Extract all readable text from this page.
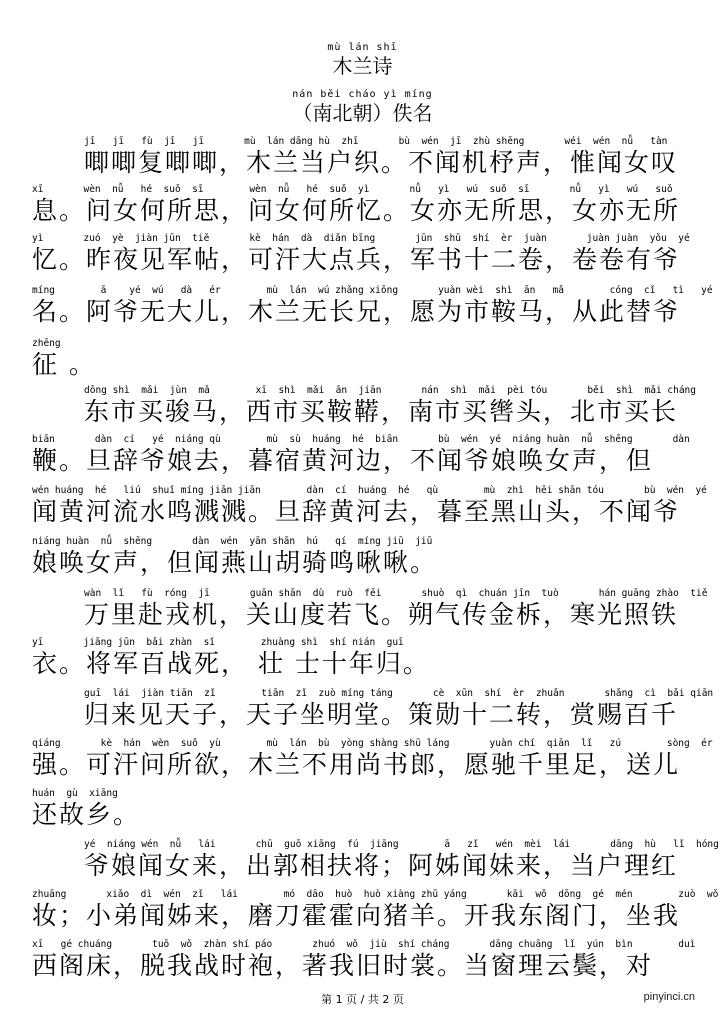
mù lán shī
木兰诗
nán běi cháo yì míng
（南北朝）佚名
jī   jī   fù  jī   jī       mù  lán dāng hù  zhī       bù  wén  jī  zhù shēng       wéi  wén  nǚ   tàn
唧唧复唧唧，木兰当户织。不闻机杼声，惟闻女叹
xī       wèn  nǚ   hé  suǒ  sī        wèn  nǚ   hé  suǒ  yì       nǚ   yì   wú  suǒ  sī       nǚ   yì   wú   suǒ
息。问女何所思，问女何所忆。女亦无所思，女亦无所
yì       zuó  yè  jiàn jūn  tiě       kè  hán  dà  diǎn bīng       jūn  shū  shí  èr  juàn       juàn juàn  yǒu  yé
忆。昨夜见军帖，可汗大点兵，军书十二卷，卷卷有爷
míng        ā    yé  wú   dà   ér        mù  lán  wú zhǎng xiōng       yuàn wèi  shì  ān   mǎ        cóng  cǐ   tì   yé
名。阿爷无大儿，木兰无长兄，愿为市鞍马，从此替爷
zhēng
征 。
dōng shì  mǎi  jùn  mǎ        xī  shì  mǎi  ān  jiān       nán  shì  mǎi  pèi tóu       běi  shì  mǎi cháng
东市买骏马，西市买鞍鞯，南市买辔头，北市买长
biān       dàn  cí   yé  niáng qù        mù  sù  huáng  hé  biān       bù  wén  yé  niáng huàn  nǚ  shēng       dàn
鞭。旦辞爷娘去，暮宿黄河边，不闻爷娘唤女声，但
wén huáng  hé   liú  shuǐ míng jiān jiān        dàn  cí  huáng  hé   qù        mù  zhì  hēi shān tóu       bù  wén  yé
闻黄河流水鸣溅溅。旦辞黄河去，暮至黑山头，不闻爷
niáng huàn  nǚ  shēng       dàn  wén  yān shān  hú   qí  míng jiū  jiū
娘唤女声，但闻燕山胡骑鸣啾啾。
wàn  lǐ   fù  róng  jī       guān shān  dù  ruò  fēi       shuò  qì  chuán jīn  tuò       hán guāng zhào  tiě
万里赴戎机，关山度若飞。朔气传金柝，寒光照铁
yī       jiāng jūn  bǎi zhàn  sǐ        zhuàng shì  shí nián  guī
衣。将军百战死， 壮 士十年归。
guī  lái  jiàn tiān  zǐ        tiān  zǐ  zuò míng táng       cè  xūn  shí  èr  zhuǎn       shǎng  cì  bǎi qiān
归来见天子，天子坐明堂。策勋十二转，赏赐百千
qiáng       kè  hán  wèn  suǒ  yù        mù  lán  bù  yòng shàng shū láng       yuàn chí  qiān  lǐ   zú        sòng  ér
强。可汗问所欲，木兰不用尚书郎，愿驰千里足，送儿
huán  gù  xiāng
还故乡。
yé  niáng wén  nǚ   lái       chū  guō xiāng  fú  jiāng        ā   zǐ   wén  mèi  lái       dāng  hù   lǐ  hóng
爷娘闻女来，出郭相扶将；阿姊闻妹来，当户理红
zhuāng       xiǎo  dì  wén  zǐ   lái        mó  dāo  huò  huò xiàng zhū yáng       kāi  wǒ  dōng  gé  mén        zuò  wǒ
妆；小弟闻姊来，磨刀霍霍向猪羊。开我东阁门，坐我
xī   gé chuáng       tuō  wǒ  zhàn shí páo       zhuó  wǒ  jiù  shí cháng       dāng chuāng  lǐ  yún  bìn        duì
西阁床，脱我战时袍，著我旧时裳。当窗理云鬓，对
第 1 页 / 共 2 页	pinyinci.cn
